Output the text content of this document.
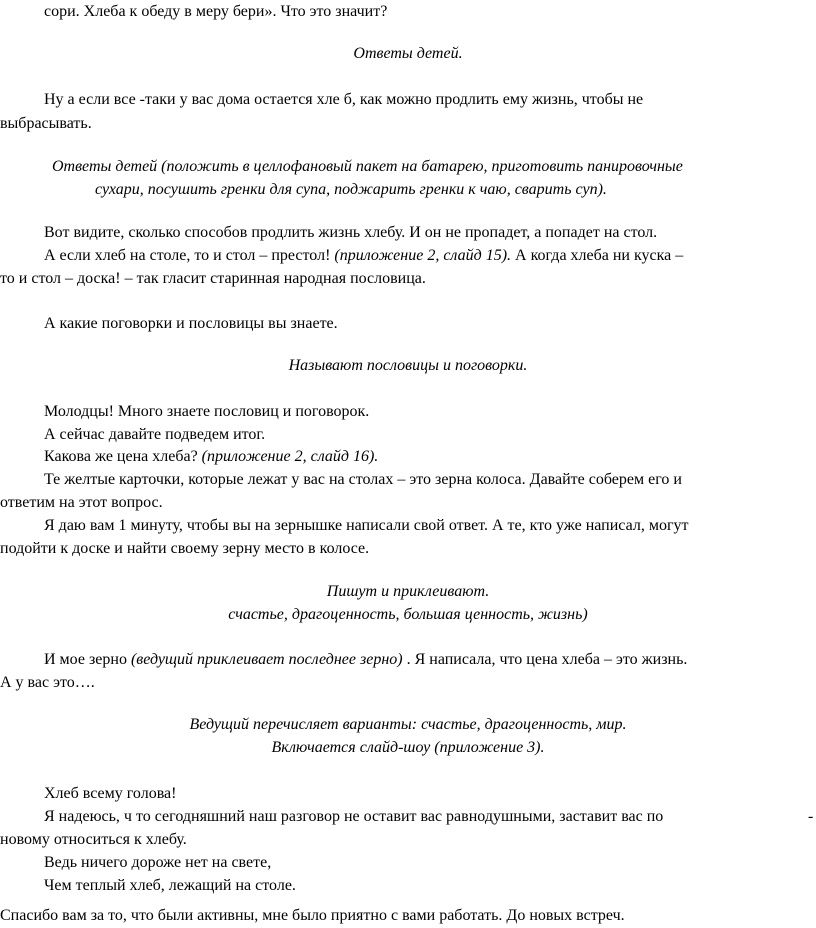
сори. Хлеба к обеду в меру бери». Что это значит?
Ответы детей.
Ну а если все -таки у вас дома остается хле б, как можно продлить ему жизнь, чтобы не
выбрасывать.
Ответы детей (положить в целлофановый пакет на батарею, приготовить панировочные
сухари, посушить гренки для супа, поджарить гренки к чаю, сварить суп).
Вот видите, сколько способов продлить жизнь хлебу. И он не пропадет, а попадет на стол.
А если хлеб на столе, то и стол – престол! (приложение 2, слайд 15). А когда хлеба ни куска –
то и стол – доска! – так гласит старинная народная пословица.
А какие поговорки и пословицы вы знаете.
Называют пословицы и поговорки.
Молодцы! Много знаете пословиц и поговорок.
А сейчас давайте подведем итог.
Какова же цена хлеба? (приложение 2, слайд 16).
Те желтые карточки, которые лежат у вас на столах – это зерна колоса. Давайте соберем его и
ответим на этот вопрос.
Я даю вам 1 минуту, чтобы вы на зернышке написали свой ответ. А те, кто уже написал, могут
подойти к доске и найти своему зерну место в колосе.
Пишут и приклеивают.
счастье, драгоценность, большая ценность, жизнь)
И мое зерно (ведущий приклеивает последнее зерно) . Я написала, что цена хлеба – это жизнь.
А у вас это….
Ведущий перечисляет варианты: счастье, драгоценность, мир.
Включается слайд-шоу (приложение 3).
Хлеб всему голова!
Я надеюсь, ч то сегодняшний наш разговор не оставит вас равнодушными, заставит вас по	-
новому относиться к хлебу.
Ведь ничего дороже нет на свете,
Чем теплый хлеб, лежащий на столе.
Спасибо вам за то, что были активны, мне было приятно с вами работать. До новых встреч.
